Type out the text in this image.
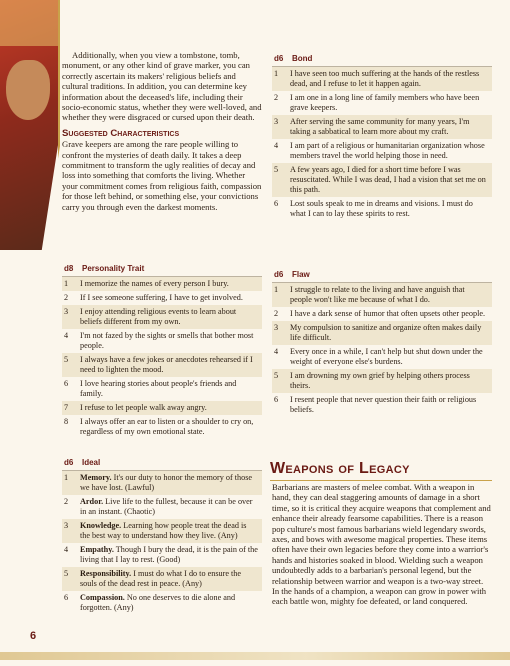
Additionally, when you view a tombstone, tomb, monument, or any other kind of grave marker, you can correctly ascertain its makers' religious beliefs and cultural traditions. In addition, you can determine key information about the deceased's life, including their socio-economic status, whether they were well-loved, and whether they were disgraced or cursed upon their death.

Suggested Characteristics

Grave keepers are among the rare people willing to confront the mysteries of death daily. It takes a deep commitment to transform the ugly realities of decay and loss into something that comforts the living. Whether your commitment comes from religious faith, compassion for those left behind, or something else, your convictions carry you through even the darkest moments.

d6	Bond
1	I have seen too much suffering at the hands of the restless dead, and I refuse to let it happen again.
2	I am one in a long line of family members who have been grave keepers.
3	After serving the same community for many years, I'm taking a sabbatical to learn more about my craft.
4	I am part of a religious or humanitarian organization whose members travel the world helping those in need.
5	A few years ago, I died for a short time before I was resuscitated. While I was dead, I had a vision that set me on this path.
6	Lost souls speak to me in dreams and visions. I must do what I can to lay these spirits to rest.
d8	Personality Trait
1	I memorize the names of every person I bury.
2	If I see someone suffering, I have to get involved.
3	I enjoy attending religious events to learn about beliefs different from my own.
4	I'm not fazed by the sights or smells that bother most people.
5	I always have a few jokes or anecdotes rehearsed if I need to lighten the mood.
6	I love hearing stories about people's friends and family.
7	I refuse to let people walk away angry.
8	I always offer an ear to listen or a shoulder to cry on, regardless of my own emotional state.
d6	Flaw
1	I struggle to relate to the living and have anguish that people won't like me because of what I do.
2	I have a dark sense of humor that often upsets other people.
3	My compulsion to sanitize and organize often makes daily life difficult.
4	Every once in a while, I can't help but shut down under the weight of everyone else's burdens.
5	I am drowning my own grief by helping others process theirs.
6	I resent people that never question their faith or religious beliefs.
d6	Ideal
1	Memory. It's our duty to honor the memory of those we have lost. (Lawful)
2	Ardor. Live life to the fullest, because it can be over in an instant. (Chaotic)
3	Knowledge. Learning how people treat the dead is the best way to understand how they live. (Any)
4	Empathy. Though I bury the dead, it is the pain of the living that I lay to rest. (Good)
5	Responsibility. I must do what I do to ensure the souls of the dead rest in peace. (Any)
6	Compassion. No one deserves to die alone and forgotten. (Any)
Weapons of Legacy
Barbarians are masters of melee combat. With a weapon in hand, they can deal staggering amounts of damage in a short time, so it is critical they acquire weapons that complement and enhance their already fearsome capabilities. There is a reason pop culture's most famous barbarians wield legendary swords, axes, and bows with awesome magical properties. These items often have their own legacies before they come into a warrior's hands and histories soaked in blood. Wielding such a weapon undoubtedly adds to a barbarian's personal legend, but the relationship between warrior and weapon is a two-way street. In the hands of a champion, a weapon can grow in power with each battle won, mighty foe defeated, or land conquered.
6
